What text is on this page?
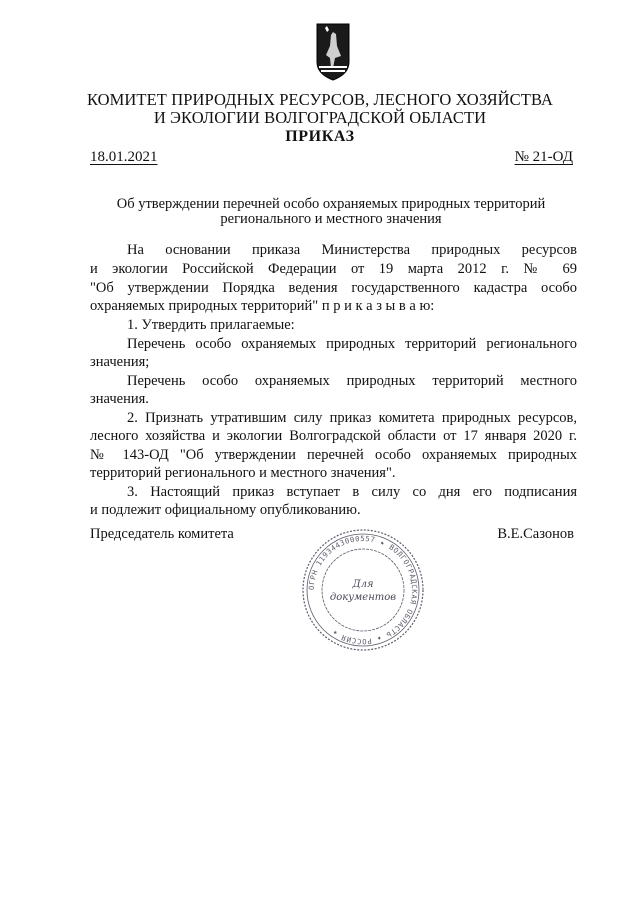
КОМИТЕТ ПРИРОДНЫХ РЕСУРСОВ, ЛЕСНОГО ХОЗЯЙСТВА
И ЭКОЛОГИИ ВОЛГОГРАДСКОЙ ОБЛАСТИ
ПРИКАЗ
18.01.2021	№ 21-ОД
Об утверждении перечней особо охраняемых природных территорий
регионального и местного значения
На основании приказа Министерства природных ресурсов
и экологии Российской Федерации от 19 марта 2012 г. № 69
"Об утверждении Порядка ведения государственного кадастра особо
охраняемых природных территорий" п р и к а з ы в а ю:
1. Утвердить прилагаемые:
Перечень особо охраняемых природных территорий регионального
значения;
Перечень особо охраняемых природных территорий местного
значения.
2. Признать утратившим силу приказ комитета природных ресурсов,
лесного хозяйства и экологии Волгоградской области от 17 января 2020 г.
№ 143-ОД "Об утверждении перечней особо охраняемых природных
территорий регионального и местного значения".
3. Настоящий приказ вступает в силу со дня его подписания
и подлежит официальному опубликованию.
Председатель комитета	В.Е.Сазонов
ОГРН 1193443000557 ★ ВОЛГОГРАДСКАЯ ОБЛАСТЬ ★ РОССИЯ ★
Для
документов
